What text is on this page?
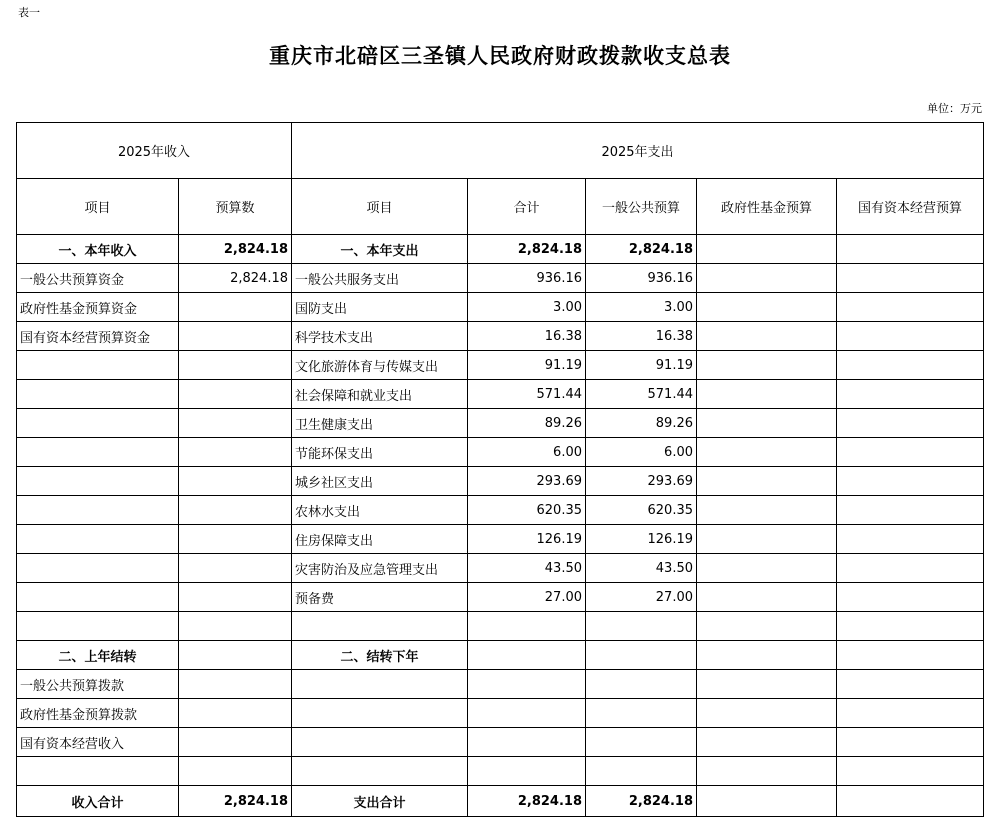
表一
重庆市北碚区三圣镇人民政府财政拨款收支总表
单位：万元
2025年收入		2025年支出				
项目	预算数	项目	合计	一般公共预算	政府性基金预算	国有资本经营预算
一、本年收入	2,824.18	一、本年支出	2,824.18	2,824.18		
一般公共预算资金	2,824.18	一般公共服务支出	936.16	936.16		
政府性基金预算资金		国防支出	3.00	3.00		
国有资本经营预算资金		科学技术支出	16.38	16.38		
		文化旅游体育与传媒支出	91.19	91.19		
		社会保障和就业支出	571.44	571.44		
		卫生健康支出	89.26	89.26		
		节能环保支出	6.00	6.00		
		城乡社区支出	293.69	293.69		
		农林水支出	620.35	620.35		
		住房保障支出	126.19	126.19		
		灾害防治及应急管理支出	43.50	43.50		
		预备费	27.00	27.00		

二、上年结转		二、结转下年				
一般公共预算拨款						
政府性基金预算拨款						
国有资本经营收入						

收入合计	2,824.18	支出合计	2,824.18	2,824.18		
